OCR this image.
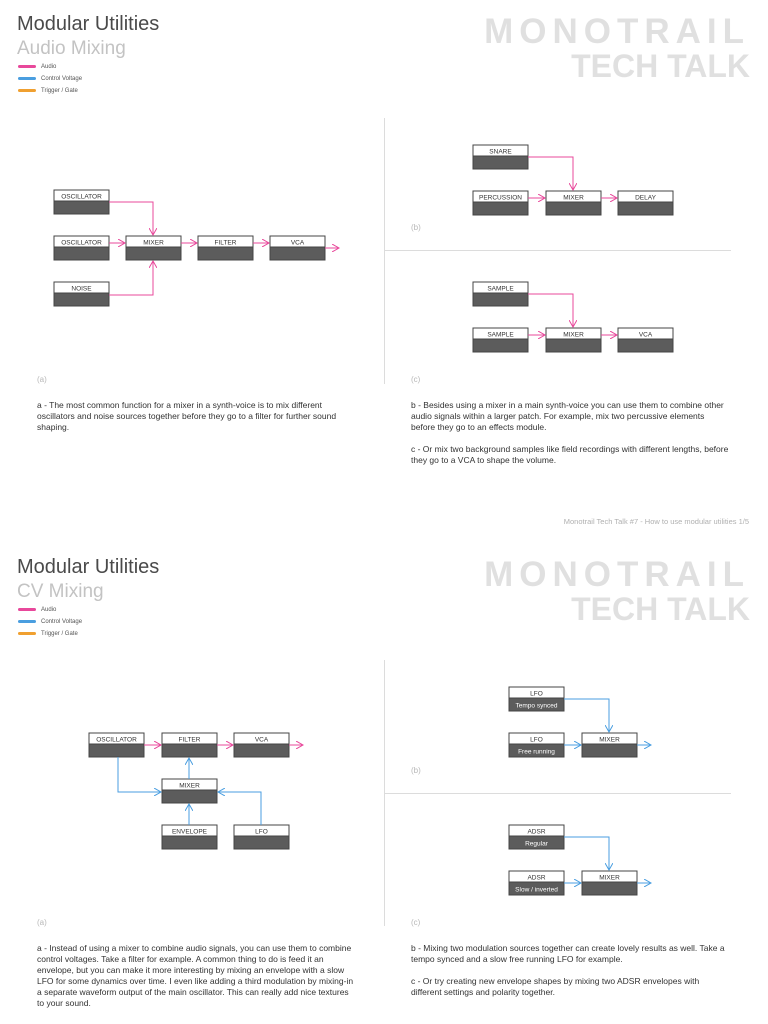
Modular Utilities
Audio Mixing
Audio
Control Voltage
Trigger / Gate
MONOTRAIL
TECH TALK
OSCILLATOR
OSCILLATOR
NOISE
MIXER	FILTER	VCA
(a)
SNARE
PERCUSSION	MIXER	DELAY
(b)
SAMPLE
SAMPLE	MIXER	VCA
(c)

a - The most common function for a mixer in a synth-voice is to mix different oscillators and noise sources together before they go to a filter for further sound shaping.

b - Besides using a mixer in a main synth-voice you can use them to combine other audio signals within a larger patch. For example, mix two percussive elements before they go to an effects module.

c - Or mix two background samples like field recordings with different lengths, before they go to a VCA to shape the volume.

Monotrail Tech Talk #7 - How to use modular utilities 1/5
Modular Utilities
CV Mixing
Audio
Control Voltage
Trigger / Gate
MONOTRAIL
TECH TALK
OSCILLATOR	FILTER	VCA
MIXER
ENVELOPE	LFO
(a)
LFO
Tempo synced
LFO
Free running
MIXER
(b)
ADSR
Regular
ADSR
Slow / inverted
MIXER
(c)

a - Instead of using a mixer to combine audio signals, you can use them to combine control voltages. Take a filter for example. A common thing to do is feed it an envelope, but you can make it more interesting by mixing an envelope with a slow LFO for some dynamics over time. I even like adding a third modulation by mixing-in a separate waveform output of the main oscillator. This can really add nice textures to your sound.

b - Mixing two modulation sources together can create lovely results as well. Take a tempo synced and a slow free running LFO for example.

c - Or try creating new envelope shapes by mixing two ADSR envelopes with different settings and polarity together.
